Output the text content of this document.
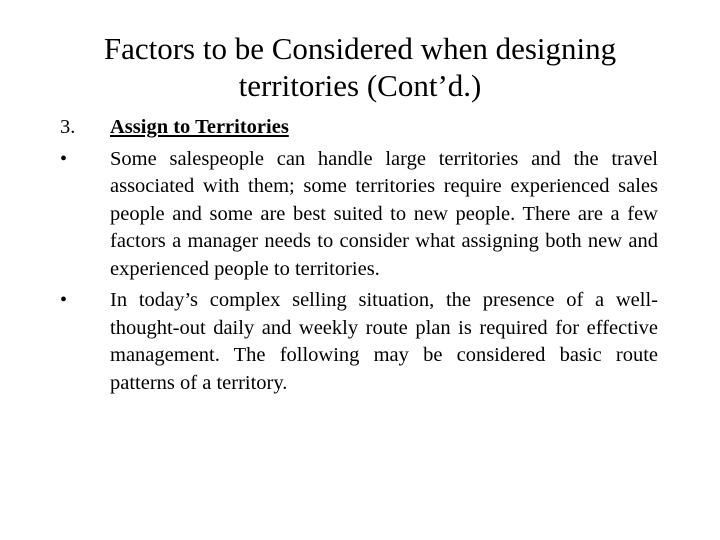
Factors to be Considered when designing territories (Cont’d.)
3.	Assign to Territories
•	Some salespeople can handle large territories and the travel associated with them; some territories require experienced sales people and some are best suited to new people. There are a few factors a manager needs to consider what assigning both new and experienced people to territories.
•	In today’s complex selling situation, the presence of a well-thought-out daily and weekly route plan is required for effective management. The following may be considered basic route patterns of a territory.
